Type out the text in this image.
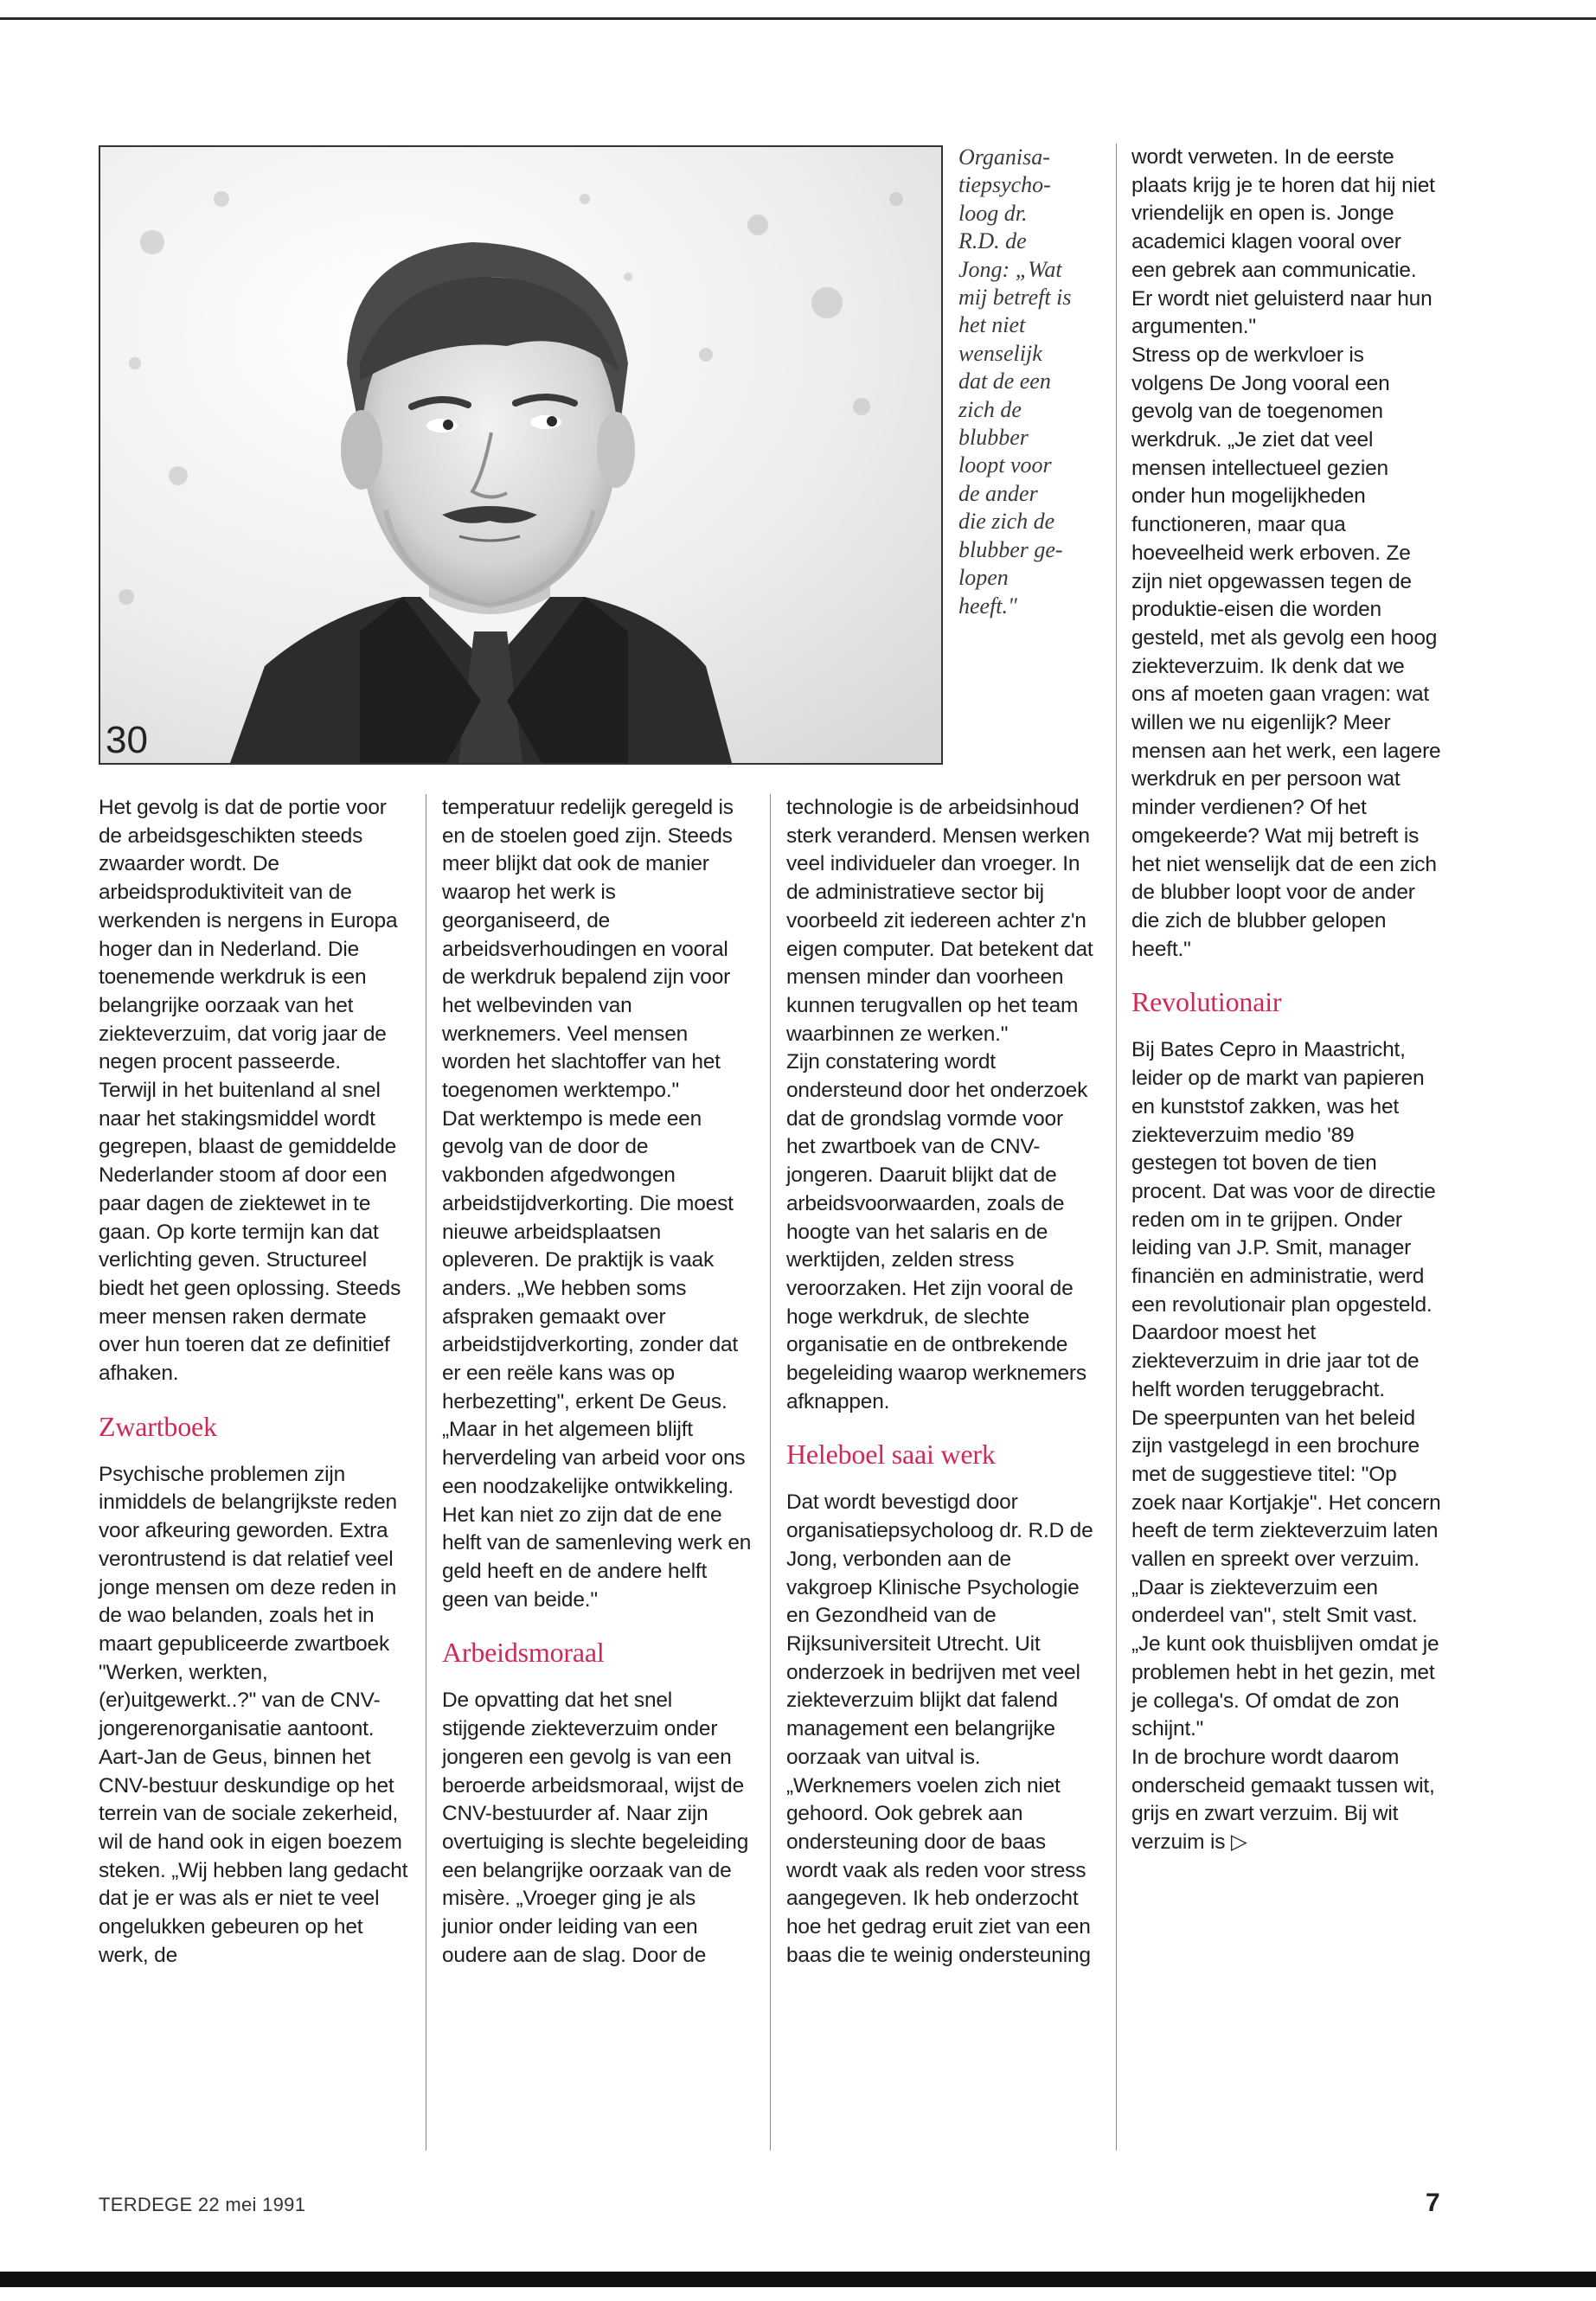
30

Organisa-
tiepsycho-
loog dr.
R.D. de
Jong: „Wat
mij betreft is
het niet
wenselijk
dat de een
zich de
blubber
loopt voor
de ander
die zich de
blubber ge-
lopen
heeft."

Het gevolg is dat de portie voor de arbeidsgeschikten steeds zwaarder wordt. De arbeidsproduktiviteit van de werkenden is nergens in Europa hoger dan in Nederland. Die toenemende werkdruk is een belangrijke oorzaak van het ziekteverzuim, dat vorig jaar de negen procent passeerde.

Terwijl in het buitenland al snel naar het stakingsmiddel wordt gegrepen, blaast de gemiddelde Nederlander stoom af door een paar dagen de ziektewet in te gaan. Op korte termijn kan dat verlichting geven. Structureel biedt het geen oplossing. Steeds meer mensen raken dermate over hun toeren dat ze definitief afhaken.

Zwartboek

Psychische problemen zijn inmiddels de belangrijkste reden voor afkeuring geworden. Extra verontrustend is dat relatief veel jonge mensen om deze reden in de wao belanden, zoals het in maart gepubliceerde zwartboek "Werken, werkten, (er)uitgewerkt..?" van de CNV-jongerenorganisatie aantoont.

Aart-Jan de Geus, binnen het CNV-bestuur deskundige op het terrein van de sociale zekerheid, wil de hand ook in eigen boezem steken. „Wij hebben lang gedacht dat je er was als er niet te veel ongelukken gebeuren op het werk, de

temperatuur redelijk geregeld is en de stoelen goed zijn. Steeds meer blijkt dat ook de manier waarop het werk is georganiseerd, de arbeidsverhoudingen en vooral de werkdruk bepalend zijn voor het welbevinden van werknemers. Veel mensen worden het slachtoffer van het toegenomen werktempo."

Dat werktempo is mede een gevolg van de door de vakbonden afgedwongen arbeidstijdverkorting. Die moest nieuwe arbeidsplaatsen opleveren. De praktijk is vaak anders. „We hebben soms afspraken gemaakt over arbeidstijdverkorting, zonder dat er een reële kans was op herbezetting", erkent De Geus. „Maar in het algemeen blijft herverdeling van arbeid voor ons een noodzakelijke ontwikkeling. Het kan niet zo zijn dat de ene helft van de samenleving werk en geld heeft en de andere helft geen van beide."

Arbeidsmoraal

De opvatting dat het snel stijgende ziekteverzuim onder jongeren een gevolg is van een beroerde arbeidsmoraal, wijst de CNV-bestuurder af. Naar zijn overtuiging is slechte begeleiding een belangrijke oorzaak van de misère. „Vroeger ging je als junior onder leiding van een oudere aan de slag. Door de

technologie is de arbeidsinhoud sterk veranderd. Mensen werken veel individueler dan vroeger. In de administratieve sector bij voorbeeld zit iedereen achter z'n eigen computer. Dat betekent dat mensen minder dan voorheen kunnen terugvallen op het team waarbinnen ze werken."

Zijn constatering wordt ondersteund door het onderzoek dat de grondslag vormde voor het zwartboek van de CNV-jongeren. Daaruit blijkt dat de arbeidsvoorwaarden, zoals de hoogte van het salaris en de werktijden, zelden stress veroorzaken. Het zijn vooral de hoge werkdruk, de slechte organisatie en de ontbrekende begeleiding waarop werknemers afknappen.

Heleboel saai werk

Dat wordt bevestigd door organisatiepsycholoog dr. R.D de Jong, verbonden aan de vakgroep Klinische Psychologie en Gezondheid van de Rijksuniversiteit Utrecht. Uit onderzoek in bedrijven met veel ziekteverzuim blijkt dat falend management een belangrijke oorzaak van uitval is. „Werknemers voelen zich niet gehoord. Ook gebrek aan ondersteuning door de baas wordt vaak als reden voor stress aangegeven. Ik heb onderzocht hoe het gedrag eruit ziet van een baas die te weinig ondersteuning

wordt verweten. In de eerste plaats krijg je te horen dat hij niet vriendelijk en open is. Jonge academici klagen vooral over een gebrek aan communicatie. Er wordt niet geluisterd naar hun argumenten."

Stress op de werkvloer is volgens De Jong vooral een gevolg van de toegenomen werkdruk. „Je ziet dat veel mensen intellectueel gezien onder hun mogelijkheden functioneren, maar qua hoeveelheid werk erboven. Ze zijn niet opgewassen tegen de produktie-eisen die worden gesteld, met als gevolg een hoog ziekteverzuim. Ik denk dat we ons af moeten gaan vragen: wat willen we nu eigenlijk? Meer mensen aan het werk, een lagere werkdruk en per persoon wat minder verdienen? Of het omgekeerde? Wat mij betreft is het niet wenselijk dat de een zich de blubber loopt voor de ander die zich de blubber gelopen heeft."

Revolutionair

Bij Bates Cepro in Maastricht, leider op de markt van papieren en kunststof zakken, was het ziekteverzuim medio '89 gestegen tot boven de tien procent. Dat was voor de directie reden om in te grijpen. Onder leiding van J.P. Smit, manager financiën en administratie, werd een revolutionair plan opgesteld. Daardoor moest het ziekteverzuim in drie jaar tot de helft worden teruggebracht.

De speerpunten van het beleid zijn vastgelegd in een brochure met de suggestieve titel: "Op zoek naar Kortjakje". Het concern heeft de term ziekteverzuim laten vallen en spreekt over verzuim. „Daar is ziekteverzuim een onderdeel van", stelt Smit vast. „Je kunt ook thuisblijven omdat je problemen hebt in het gezin, met je collega's. Of omdat de zon schijnt."

In de brochure wordt daarom onderscheid gemaakt tussen wit, grijs en zwart verzuim. Bij wit verzuim is ▷

TERDEGE 22 mei 1991	7
